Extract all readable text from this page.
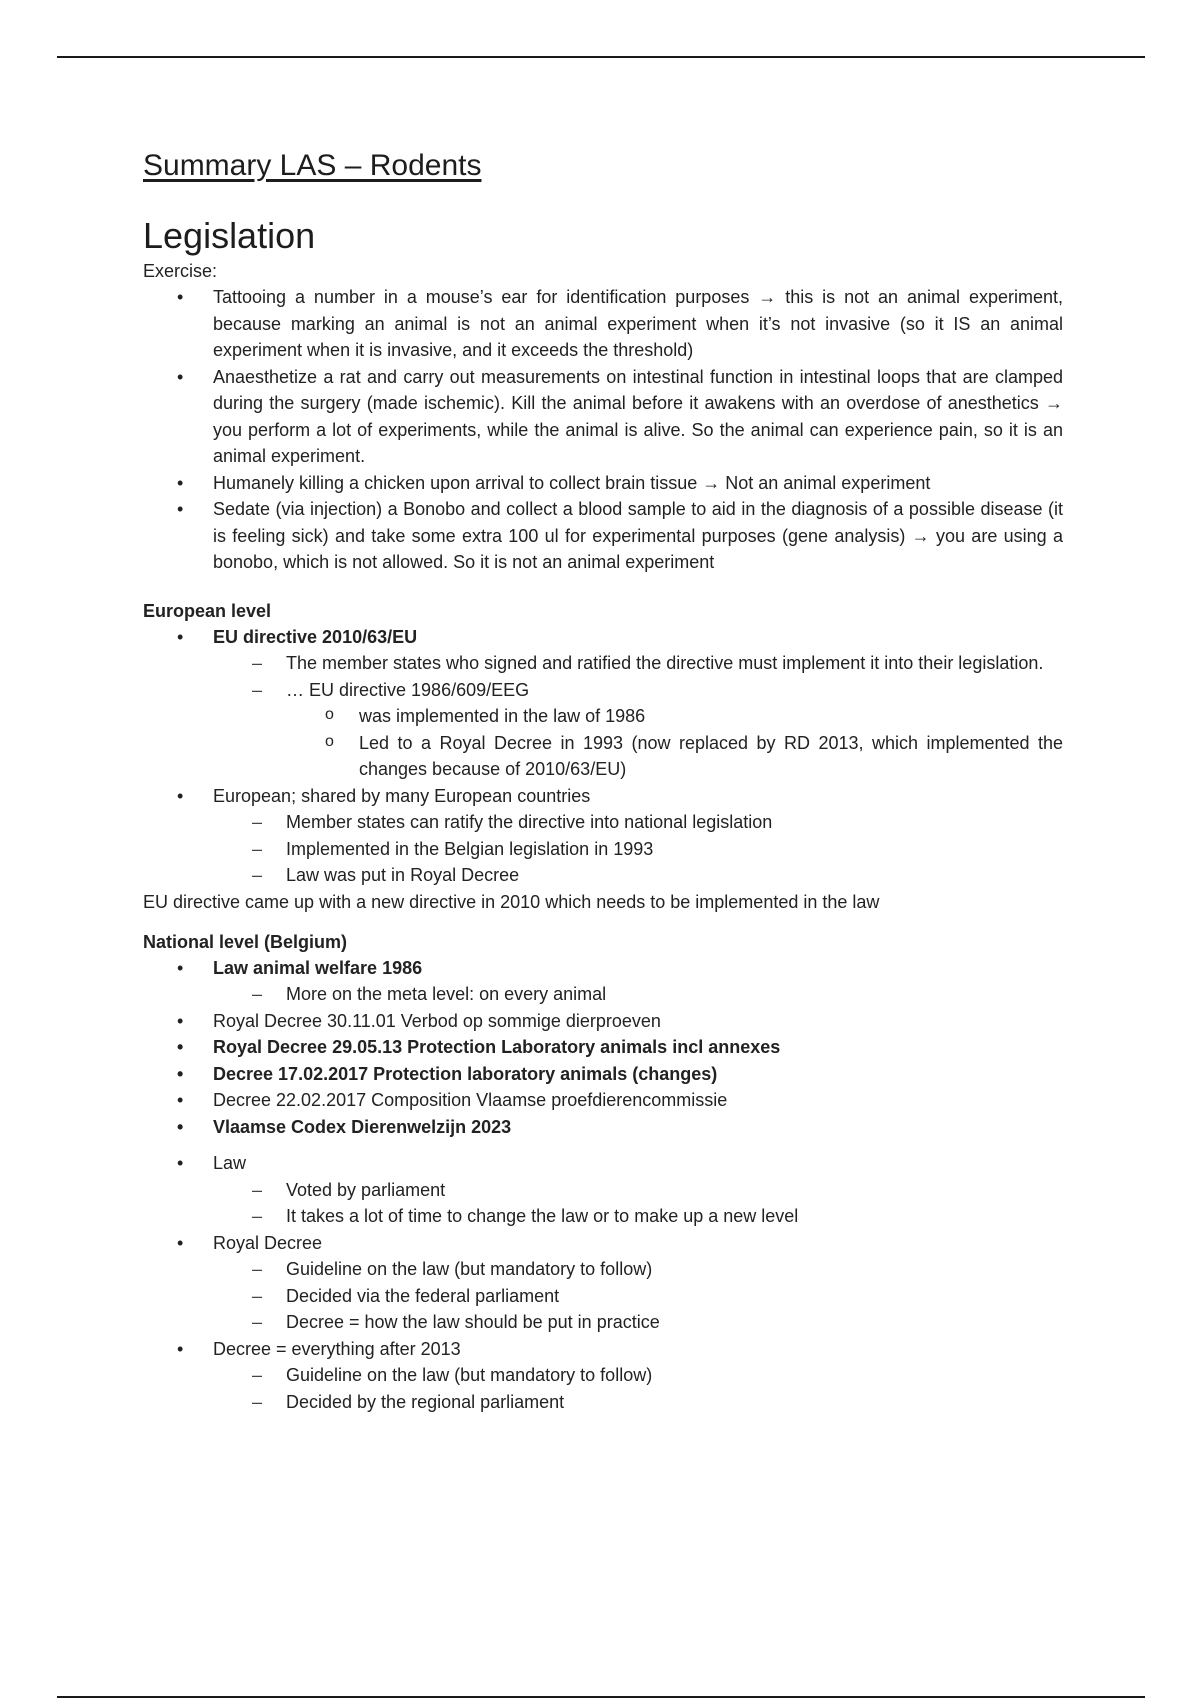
Summary LAS – Rodents
Legislation

Exercise:

• Tattooing a number in a mouse’s ear for identification purposes → this is not an animal experiment, because marking an animal is not an animal experiment when it’s not invasive (so it IS an animal experiment when it is invasive, and it exceeds the threshold)
• Anaesthetize a rat and carry out measurements on intestinal function in intestinal loops that are clamped during the surgery (made ischemic). Kill the animal before it awakens with an overdose of anesthetics → you perform a lot of experiments, while the animal is alive. So the animal can experience pain, so it is an animal experiment.
• Humanely killing a chicken upon arrival to collect brain tissue → Not an animal experiment
• Sedate (via injection) a Bonobo and collect a blood sample to aid in the diagnosis of a possible disease (it is feeling sick) and take some extra 100 ul for experimental purposes (gene analysis) → you are using a bonobo, which is not allowed. So it is not an animal experiment

European level

• EU directive 2010/63/EU
– The member states who signed and ratified the directive must implement it into their legislation.
– … EU directive 1986/609/EEG
o was implemented in the law of 1986
o Led to a Royal Decree in 1993 (now replaced by RD 2013, which implemented the changes because of 2010/63/EU)
• European; shared by many European countries
– Member states can ratify the directive into national legislation
– Implemented in the Belgian legislation in 1993
– Law was put in Royal Decree

EU directive came up with a new directive in 2010 which needs to be implemented in the law

National level (Belgium)

• Law animal welfare 1986
– More on the meta level: on every animal
• Royal Decree 30.11.01 Verbod op sommige dierproeven
• Royal Decree 29.05.13 Protection Laboratory animals incl annexes
• Decree 17.02.2017 Protection laboratory animals (changes)
• Decree 22.02.2017 Composition Vlaamse proefdierencommissie
• Vlaamse Codex Dierenwelzijn 2023
• Law
– Voted by parliament
– It takes a lot of time to change the law or to make up a new level
• Royal Decree
– Guideline on the law (but mandatory to follow)
– Decided via the federal parliament
– Decree = how the law should be put in practice
• Decree = everything after 2013
– Guideline on the law (but mandatory to follow)
– Decided by the regional parliament
